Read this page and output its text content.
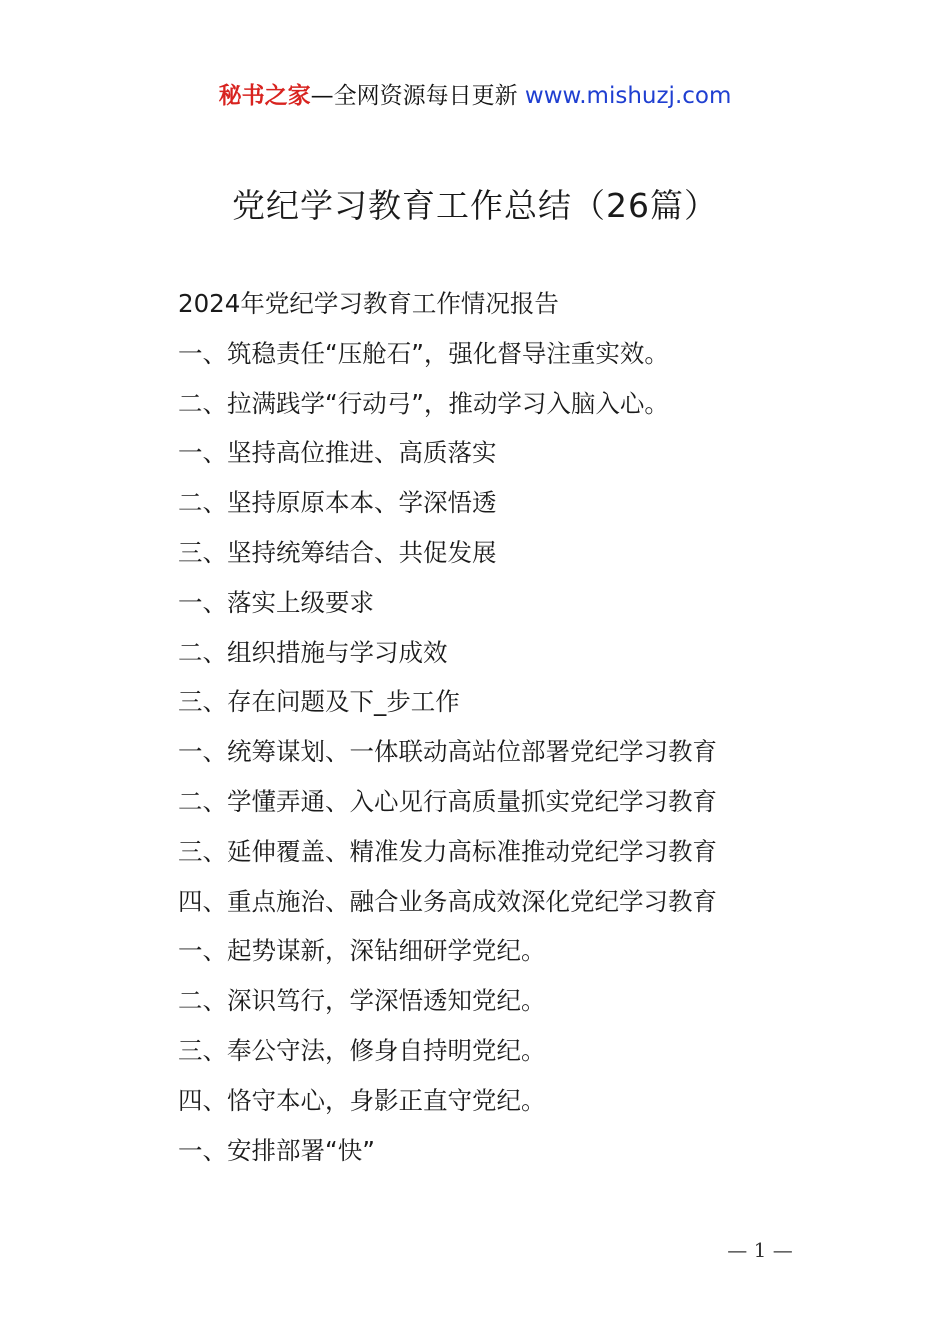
秘书之家—全网资源每日更新 www.mishuzj.com
党纪学习教育工作总结（26篇）
2024年党纪学习教育工作情况报告
一、筑稳责任“压舱石”，强化督导注重实效。
二、拉满践学“行动弓”，推动学习入脑入心。
一、坚持高位推进、高质落实
二、坚持原原本本、学深悟透
三、坚持统筹结合、共促发展
一、落实上级要求
二、组织措施与学习成效
三、存在问题及下_步工作
一、统筹谋划、一体联动高站位部署党纪学习教育
二、学懂弄通、入心见行高质量抓实党纪学习教育
三、延伸覆盖、精准发力高标准推动党纪学习教育
四、重点施治、融合业务高成效深化党纪学习教育
一、起势谋新，深钻细研学党纪。
二、深识笃行，学深悟透知党纪。
三、奉公守法，修身自持明党纪。
四、恪守本心，身影正直守党纪。
一、安排部署“快”
— 1 —
